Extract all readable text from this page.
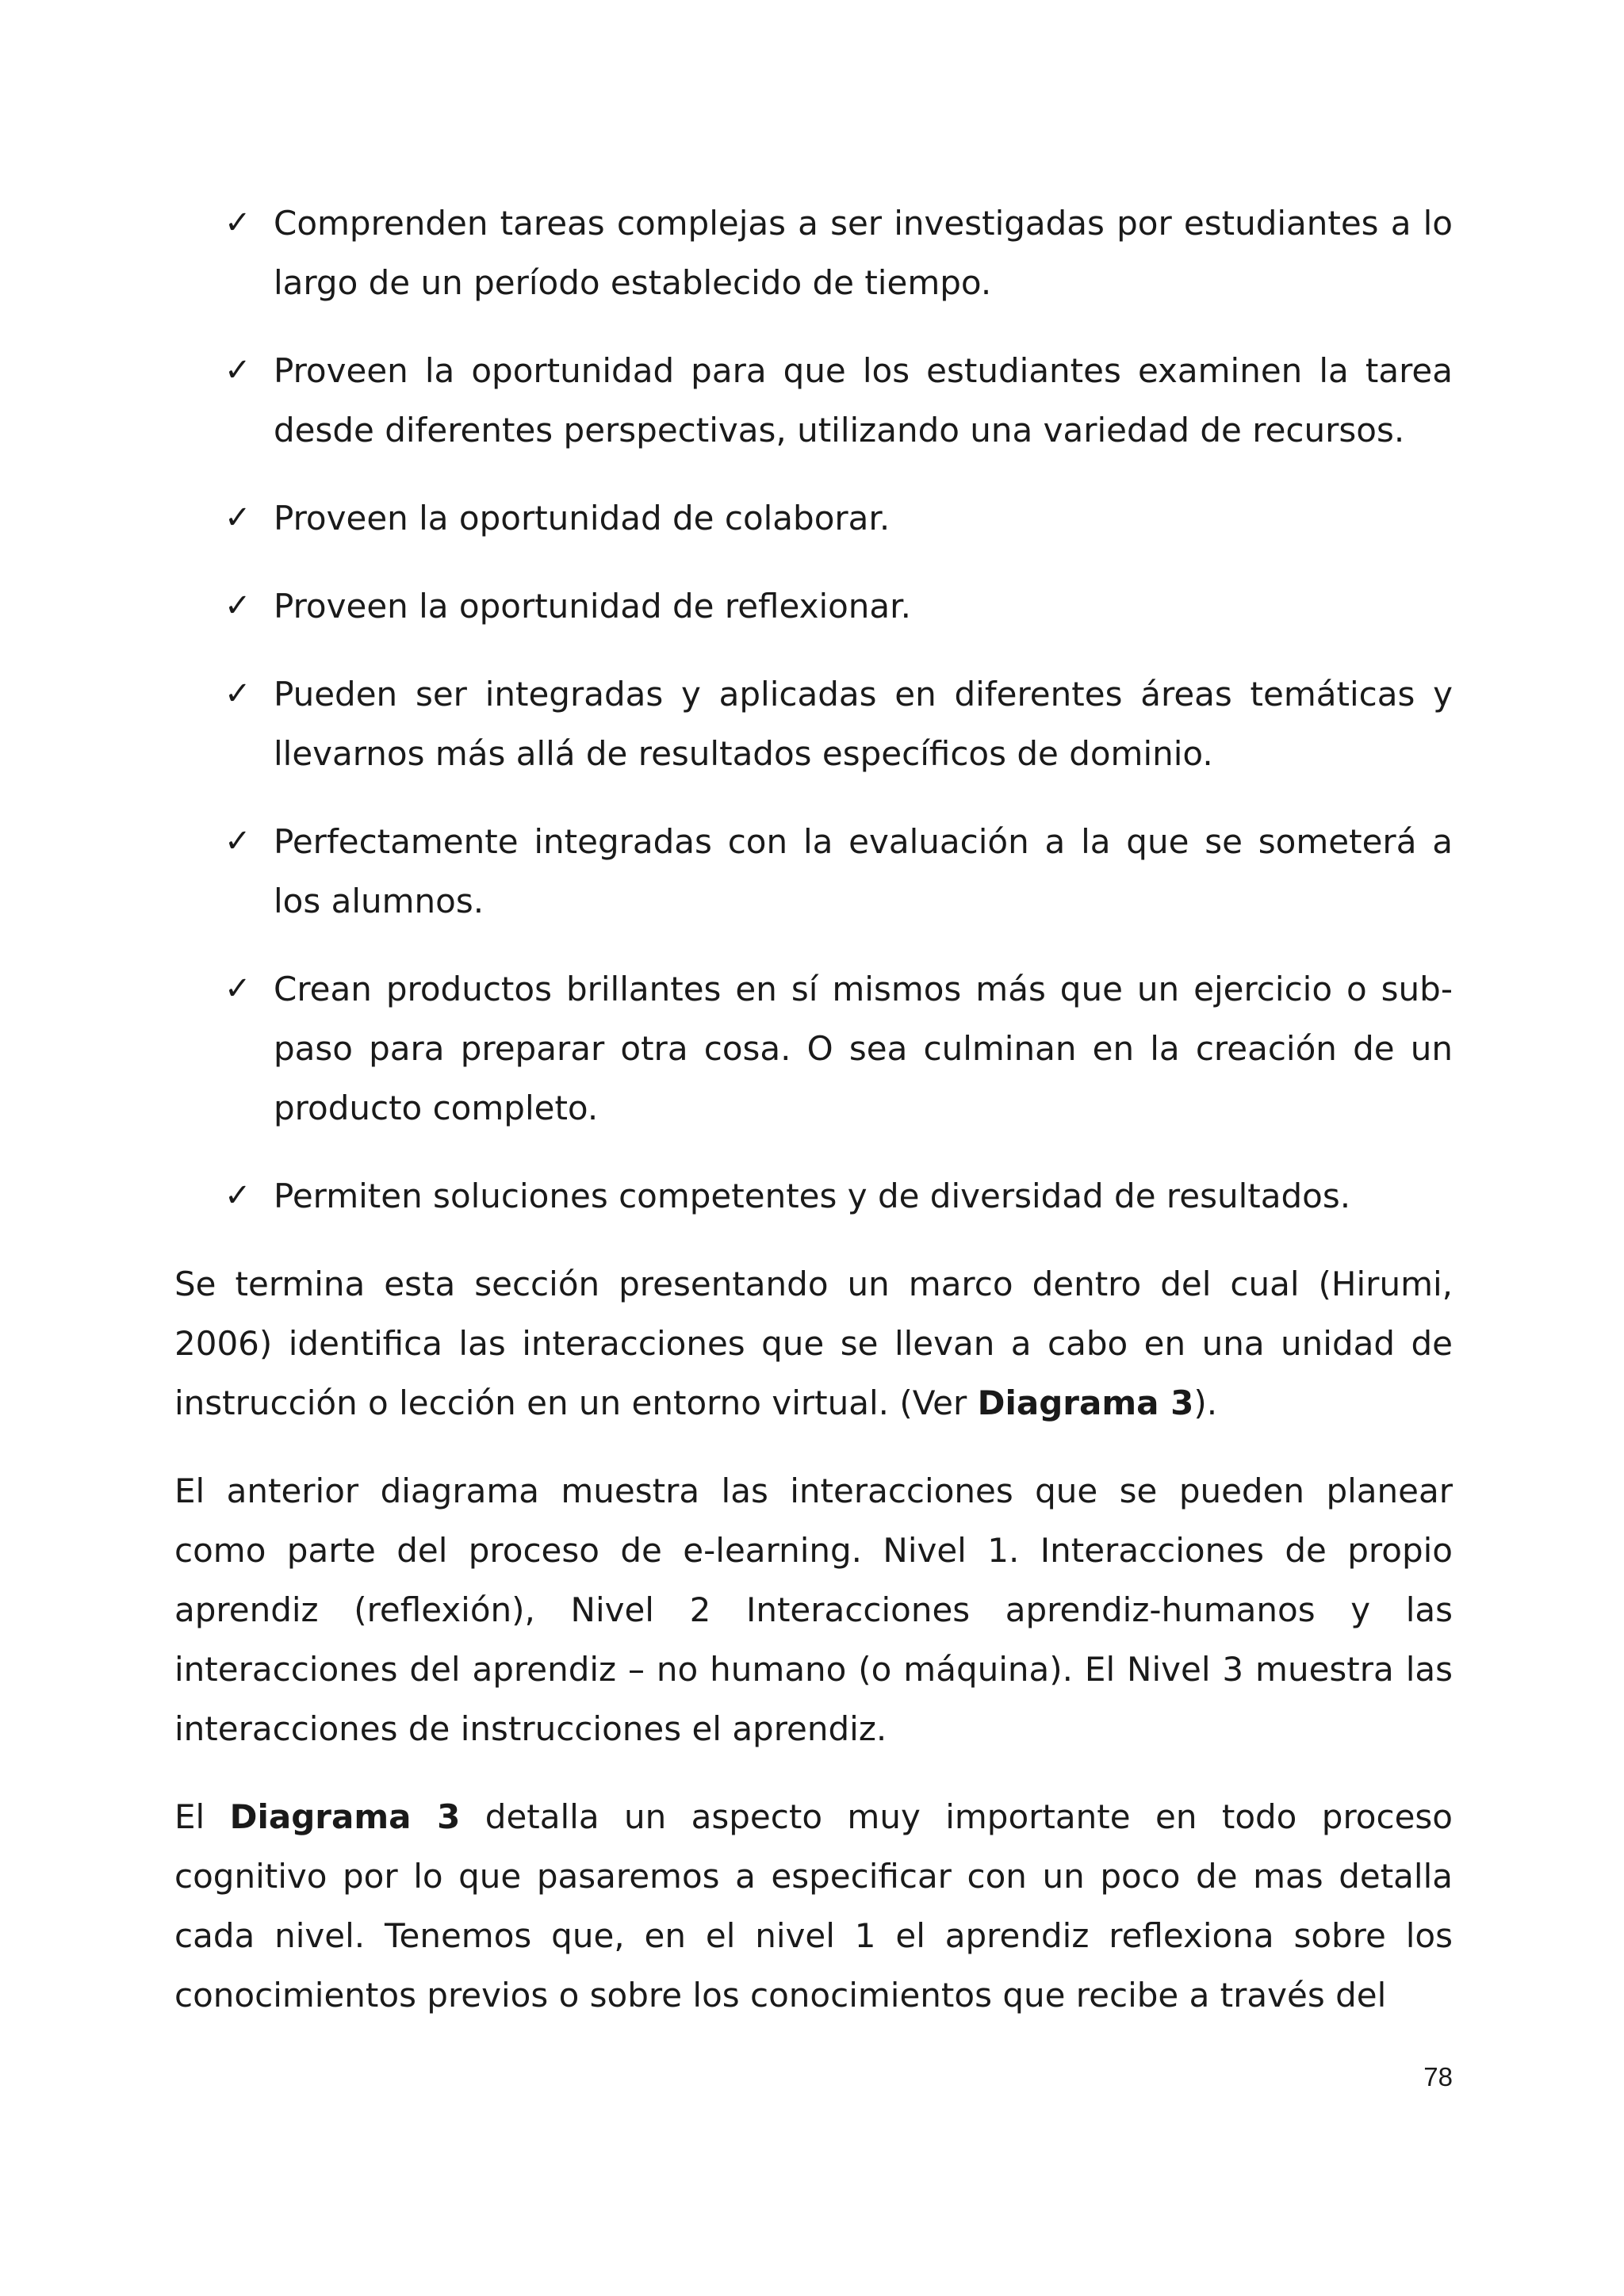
✓ Comprenden tareas complejas a ser investigadas por estudiantes a lo largo de un período establecido de tiempo.
✓ Proveen la oportunidad para que los estudiantes examinen la tarea desde diferentes perspectivas, utilizando una variedad de recursos.
✓ Proveen la oportunidad de colaborar.
✓ Proveen la oportunidad de reflexionar.
✓ Pueden ser integradas y aplicadas en diferentes áreas temáticas y llevarnos más allá de resultados específicos de dominio.
✓ Perfectamente integradas con la evaluación a la que se someterá a los alumnos.
✓ Crean productos brillantes en sí mismos más que un ejercicio o sub-paso para preparar otra cosa. O sea culminan en la creación de un producto completo.
✓ Permiten soluciones competentes y de diversidad de resultados.

Se termina esta sección presentando un marco dentro del cual (Hirumi, 2006) identifica las interacciones que se llevan a cabo en una unidad de instrucción o lección en un entorno virtual. (Ver Diagrama 3).

El anterior diagrama muestra las interacciones que se pueden planear como parte del proceso de e-learning. Nivel 1. Interacciones de propio aprendiz (reflexión), Nivel 2 Interacciones aprendiz-humanos y las interacciones del aprendiz – no humano (o máquina). El Nivel 3 muestra las interacciones de instrucciones el aprendiz.

El Diagrama 3 detalla un aspecto muy importante en todo proceso cognitivo por lo que pasaremos a especificar con un poco de mas detalla cada nivel. Tenemos que, en el nivel 1 el aprendiz reflexiona sobre los conocimientos previos o sobre los conocimientos que recibe a través del

78
